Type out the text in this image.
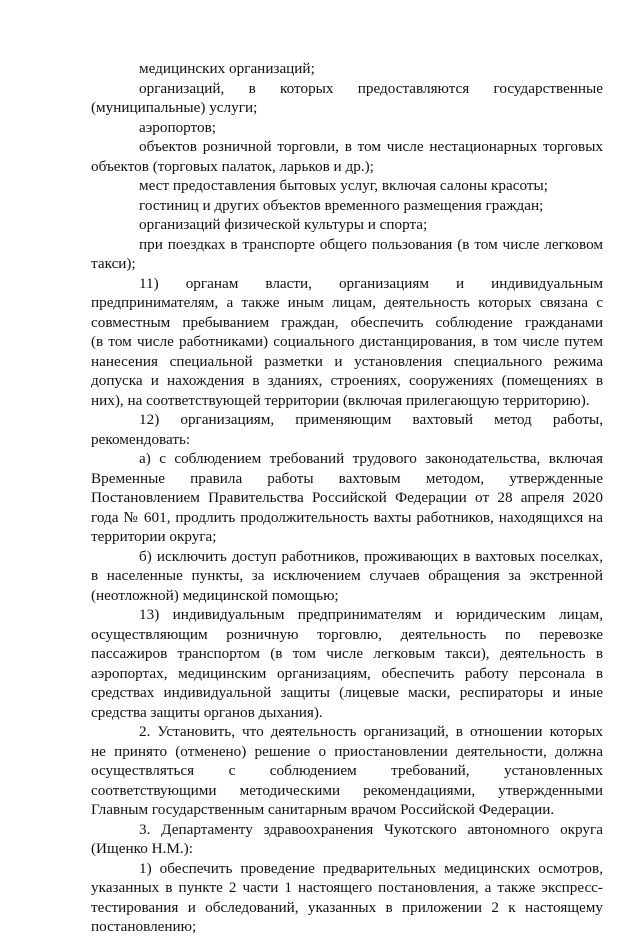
медицинских организаций;

организаций, в которых предоставляются государственные

(муниципальные) услуги;

аэропортов;

объектов розничной торговли, в том числе нестационарных торговых

объектов (торговых палаток, ларьков и др.);

мест предоставления бытовых услуг, включая салоны красоты;

гостиниц и других объектов временного размещения граждан;

организаций физической культуры и спорта;

при поездках в транспорте общего пользования (в том числе легковом

такси);

11) органам власти, организациям и индивидуальным

предпринимателям, а также иным лицам, деятельность которых связана с

совместным пребыванием граждан, обеспечить соблюдение гражданами

(в том числе работниками) социального дистанцирования, в том числе путем

нанесения специальной разметки и установления специального режима

допуска и нахождения в зданиях, строениях, сооружениях (помещениях в

них), на соответствующей территории (включая прилегающую территорию).

12) организациям, применяющим вахтовый метод работы,

рекомендовать:

а) с соблюдением требований трудового законодательства, включая

Временные правила работы вахтовым методом, утвержденные

Постановлением Правительства Российской Федерации от 28 апреля 2020

года № 601, продлить продолжительность вахты работников, находящихся на

территории округа;

б) исключить доступ работников, проживающих в вахтовых поселках,

в населенные пункты, за исключением случаев обращения за экстренной

(неотложной) медицинской помощью;

13) индивидуальным предпринимателям и юридическим лицам,

осуществляющим розничную торговлю, деятельность по перевозке

пассажиров транспортом (в том числе легковым такси), деятельность в

аэропортах, медицинским организациям, обеспечить работу персонала в

средствах индивидуальной защиты (лицевые маски, респираторы и иные

средства защиты органов дыхания).

2. Установить, что деятельность организаций, в отношении которых

не принято (отменено) решение о приостановлении деятельности, должна

осуществляться с соблюдением требований, установленных

соответствующими методическими рекомендациями, утвержденными

Главным государственным санитарным врачом Российской Федерации.

3. Департаменту здравоохранения Чукотского автономного округа

(Ищенко Н.М.):

1) обеспечить проведение предварительных медицинских осмотров,

указанных в пункте 2 части 1 настоящего постановления, а также экспресс-

тестирования и обследований, указанных в приложении 2 к настоящему

постановлению;
